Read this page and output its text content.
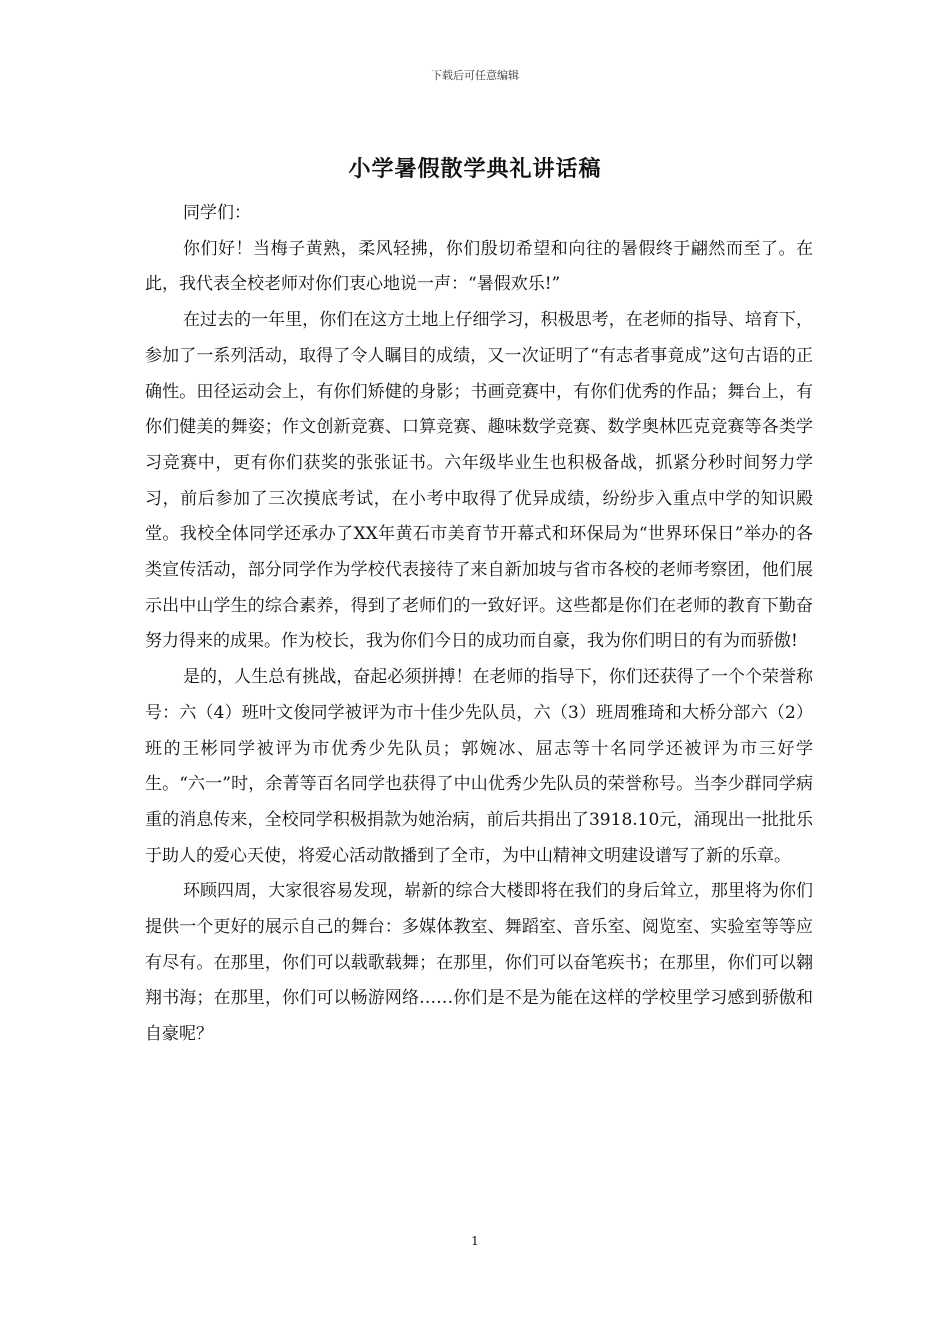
下载后可任意编辑
小学暑假散学典礼讲话稿

同学们：

你们好！当梅子黄熟，柔风轻拂，你们殷切希望和向往的暑假终于翩然而至了。在此，我代表全校老师对你们衷心地说一声：“暑假欢乐!”

在过去的一年里，你们在这方土地上仔细学习，积极思考，在老师的指导、培育下，参加了一系列活动，取得了令人瞩目的成绩，又一次证明了“有志者事竟成”这句古语的正确性。田径运动会上，有你们矫健的身影；书画竞赛中，有你们优秀的作品；舞台上，有你们健美的舞姿；作文创新竞赛、口算竞赛、趣味数学竞赛、数学奥林匹克竞赛等各类学习竞赛中，更有你们获奖的张张证书。六年级毕业生也积极备战，抓紧分秒时间努力学习，前后参加了三次摸底考试，在小考中取得了优异成绩，纷纷步入重点中学的知识殿堂。我校全体同学还承办了XX年黄石市美育节开幕式和环保局为“世界环保日”举办的各类宣传活动，部分同学作为学校代表接待了来自新加坡与省市各校的老师考察团，他们展示出中山学生的综合素养，得到了老师们的一致好评。这些都是你们在老师的教育下勤奋努力得来的成果。作为校长，我为你们今日的成功而自豪，我为你们明日的有为而骄傲!

是的，人生总有挑战，奋起必须拼搏！在老师的指导下，你们还获得了一个个荣誉称号：六（4）班叶文俊同学被评为市十佳少先队员，六（3）班周雅琦和大桥分部六（2）班的王彬同学被评为市优秀少先队员；郭婉冰、屈志等十名同学还被评为市三好学生。“六一”时，余菁等百名同学也获得了中山优秀少先队员的荣誉称号。当李少群同学病重的消息传来，全校同学积极捐款为她治病，前后共捐出了3918.10元，涌现出一批批乐于助人的爱心天使，将爱心活动散播到了全市，为中山精神文明建设谱写了新的乐章。

环顾四周，大家很容易发现，崭新的综合大楼即将在我们的身后耸立，那里将为你们提供一个更好的展示自己的舞台：多媒体教室、舞蹈室、音乐室、阅览室、实验室等等应有尽有。在那里，你们可以载歌载舞；在那里，你们可以奋笔疾书；在那里，你们可以翱翔书海；在那里，你们可以畅游网络……你们是不是为能在这样的学校里学习感到骄傲和自豪呢？

1
